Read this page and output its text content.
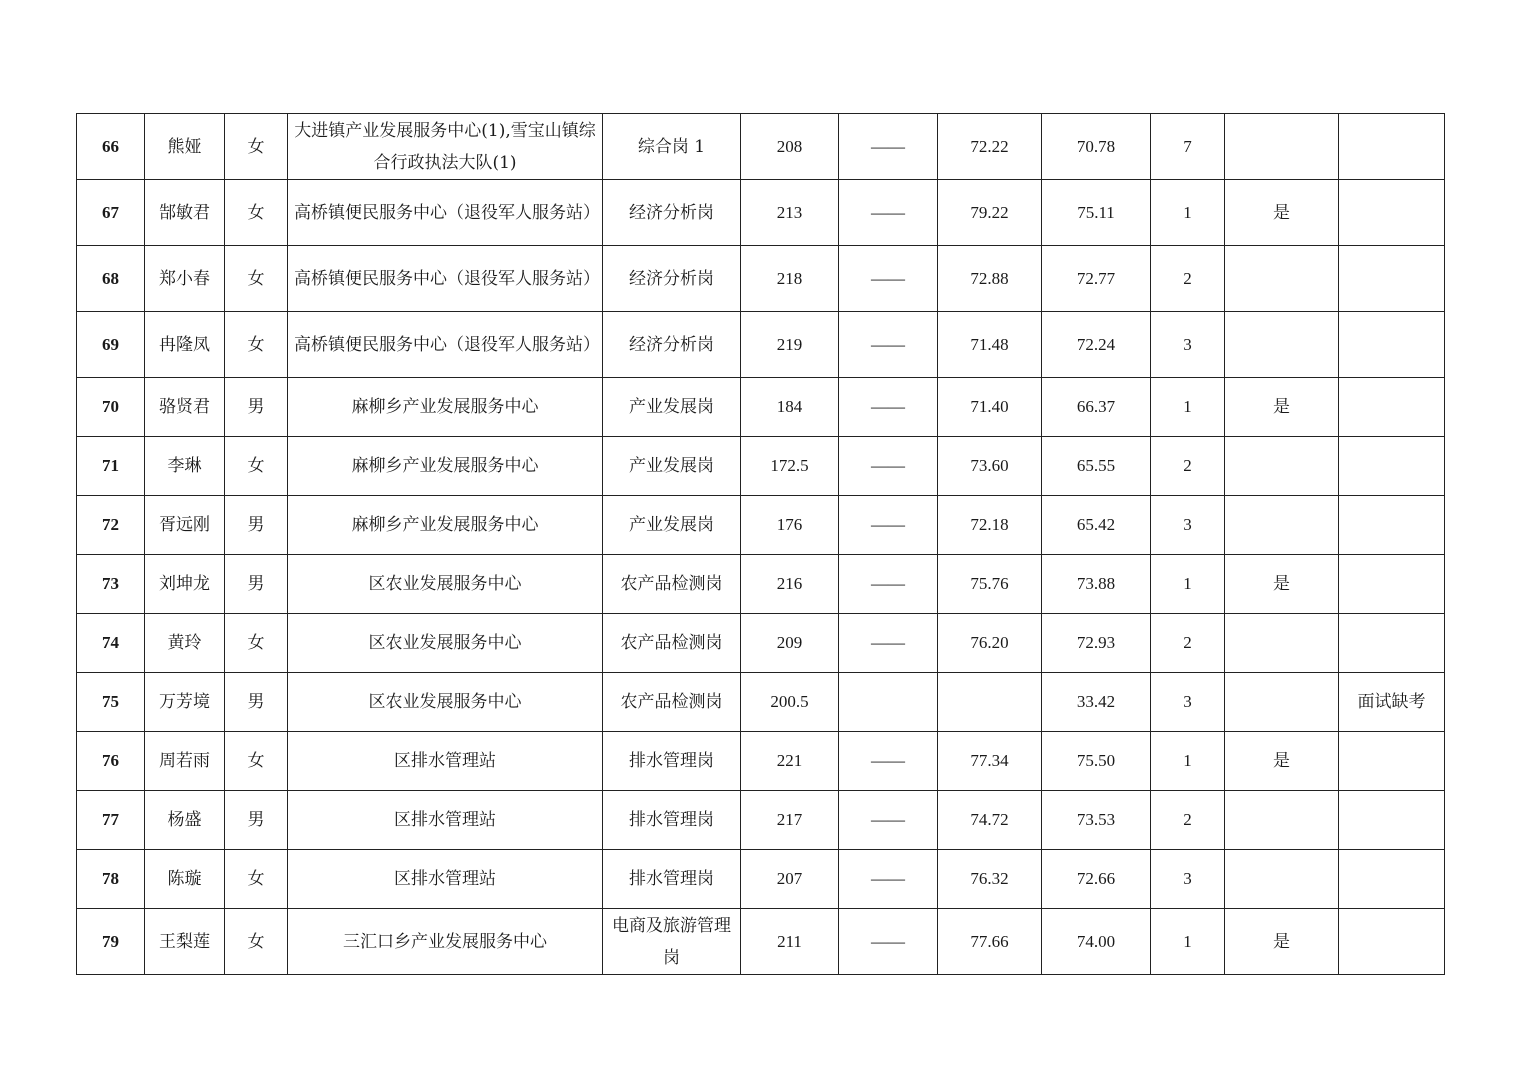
66	熊娅	女	大进镇产业发展服务中心(1),雪宝山镇综合行政执法大队(1)	综合岗 1	208	——	72.22	70.78	7		
67	郜敏君	女	高桥镇便民服务中心（退役军人服务站）	经济分析岗	213	——	79.22	75.11	1	是	
68	郑小春	女	高桥镇便民服务中心（退役军人服务站）	经济分析岗	218	——	72.88	72.77	2		
69	冉隆凤	女	高桥镇便民服务中心（退役军人服务站）	经济分析岗	219	——	71.48	72.24	3		
70	骆贤君	男	麻柳乡产业发展服务中心	产业发展岗	184	——	71.40	66.37	1	是	
71	李琳	女	麻柳乡产业发展服务中心	产业发展岗	172.5	——	73.60	65.55	2		
72	胥远刚	男	麻柳乡产业发展服务中心	产业发展岗	176	——	72.18	65.42	3		
73	刘坤龙	男	区农业发展服务中心	农产品检测岗	216	——	75.76	73.88	1	是	
74	黄玲	女	区农业发展服务中心	农产品检测岗	209	——	76.20	72.93	2		
75	万芳境	男	区农业发展服务中心	农产品检测岗	200.5			33.42	3		面试缺考
76	周若雨	女	区排水管理站	排水管理岗	221	——	77.34	75.50	1	是	
77	杨盛	男	区排水管理站	排水管理岗	217	——	74.72	73.53	2		
78	陈璇	女	区排水管理站	排水管理岗	207	——	76.32	72.66	3		
79	王梨莲	女	三汇口乡产业发展服务中心	电商及旅游管理岗	211	——	77.66	74.00	1	是	
